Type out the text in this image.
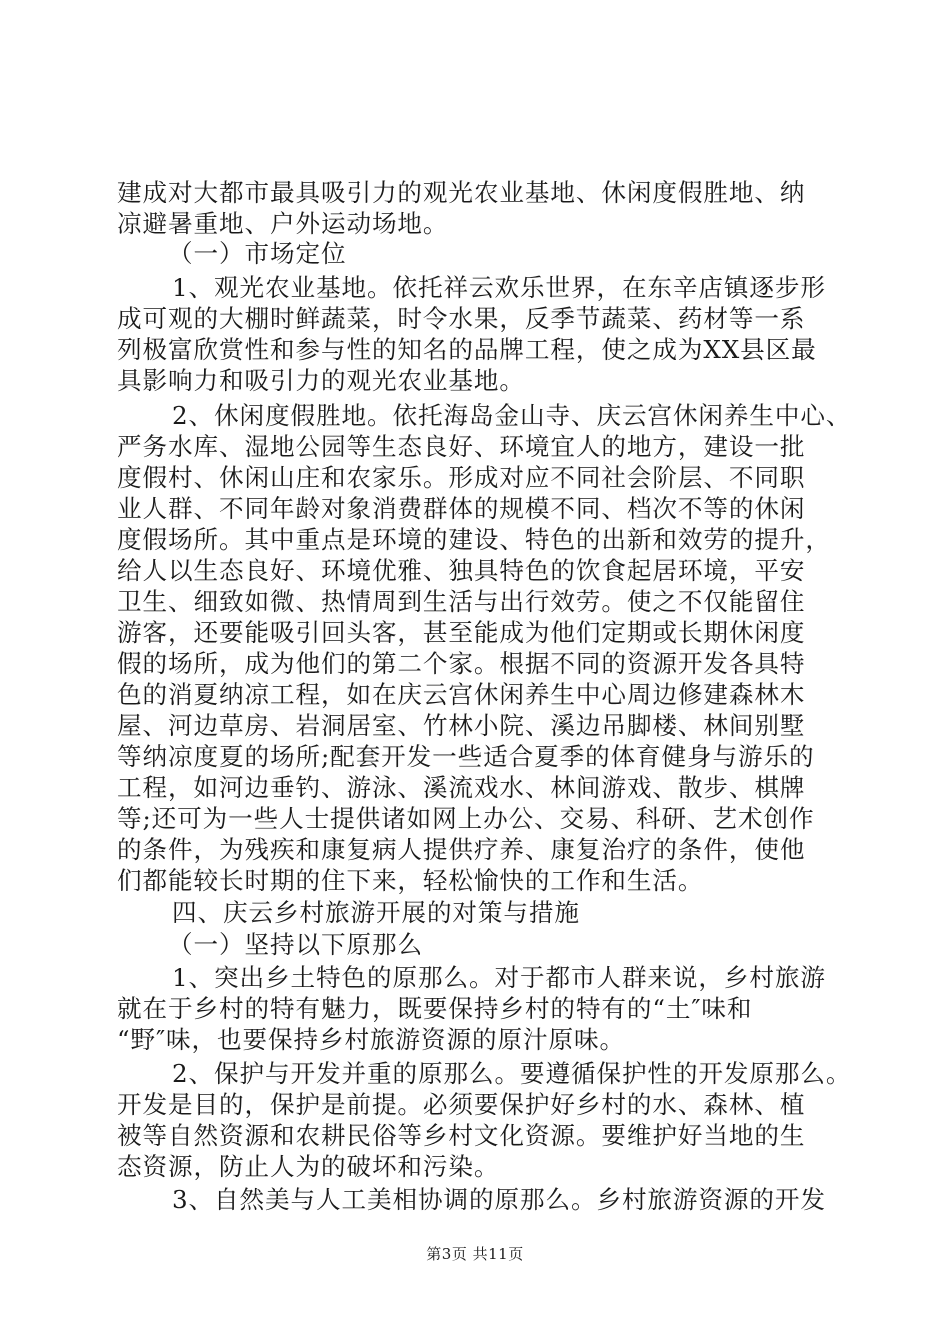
建成对大都市最具吸引力的观光农业基地、休闲度假胜地、纳
凉避暑重地、户外运动场地。
（一）市场定位
1、观光农业基地。依托祥云欢乐世界，在东辛店镇逐步形
成可观的大棚时鲜蔬菜，时令水果，反季节蔬菜、药材等一系
列极富欣赏性和参与性的知名的品牌工程，使之成为XX县区最
具影响力和吸引力的观光农业基地。
2、休闲度假胜地。依托海岛金山寺、庆云宫休闲养生中心、
严务水库、湿地公园等生态良好、环境宜人的地方，建设一批
度假村、休闲山庄和农家乐。形成对应不同社会阶层、不同职
业人群、不同年龄对象消费群体的规模不同、档次不等的休闲
度假场所。其中重点是环境的建设、特色的出新和效劳的提升，
给人以生态良好、环境优雅、独具特色的饮食起居环境，平安
卫生、细致如微、热情周到生活与出行效劳。使之不仅能留住
游客，还要能吸引回头客，甚至能成为他们定期或长期休闲度
假的场所，成为他们的第二个家。根据不同的资源开发各具特
色的消夏纳凉工程，如在庆云宫休闲养生中心周边修建森林木
屋、河边草房、岩洞居室、竹林小院、溪边吊脚楼、林间别墅
等纳凉度夏的场所;配套开发一些适合夏季的体育健身与游乐的
工程，如河边垂钓、游泳、溪流戏水、林间游戏、散步、棋牌
等;还可为一些人士提供诸如网上办公、交易、科研、艺术创作
的条件，为残疾和康复病人提供疗养、康复治疗的条件，使他
们都能较长时期的住下来，轻松愉快的工作和生活。
四、庆云乡村旅游开展的对策与措施
（一）坚持以下原那么
1、突出乡土特色的原那么。对于都市人群来说，乡村旅游
就在于乡村的特有魅力，既要保持乡村的特有的“土″味和
“野″味，也要保持乡村旅游资源的原汁原味。
2、保护与开发并重的原那么。要遵循保护性的开发原那么。
开发是目的，保护是前提。必须要保护好乡村的水、森林、植
被等自然资源和农耕民俗等乡村文化资源。要维护好当地的生
态资源，防止人为的破坏和污染。
3、自然美与人工美相协调的原那么。乡村旅游资源的开发
第3页 共11页
